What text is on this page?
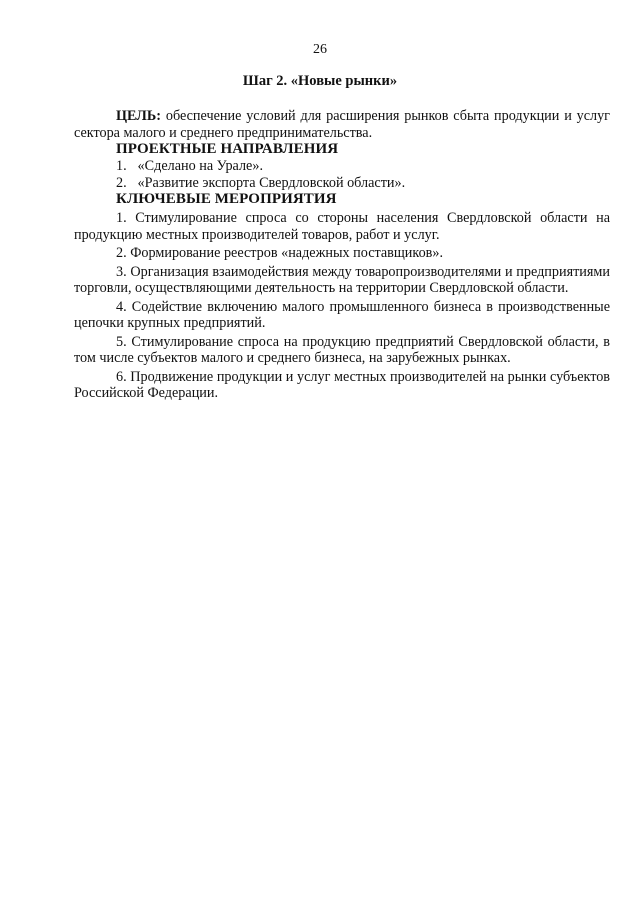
26
Шаг 2. «Новые рынки»

ЦЕЛЬ: обеспечение условий для расширения рынков сбыта продукции и услуг сектора малого и среднего предпринимательства.

ПРОЕКТНЫЕ НАПРАВЛЕНИЯ

1. «Сделано на Урале».

2. «Развитие экспорта Свердловской области».

КЛЮЧЕВЫЕ МЕРОПРИЯТИЯ

1. Стимулирование спроса со стороны населения Свердловской области на продукцию местных производителей товаров, работ и услуг.

2. Формирование реестров «надежных поставщиков».

3. Организация взаимодействия между товаропроизводителями и предприятиями торговли, осуществляющими деятельность на территории Свердловской области.

4. Содействие включению малого промышленного бизнеса в производственные цепочки крупных предприятий.

5. Стимулирование спроса на продукцию предприятий Свердловской области, в том числе субъектов малого и среднего бизнеса, на зарубежных рынках.

6. Продвижение продукции и услуг местных производителей на рынки субъектов Российской Федерации.
